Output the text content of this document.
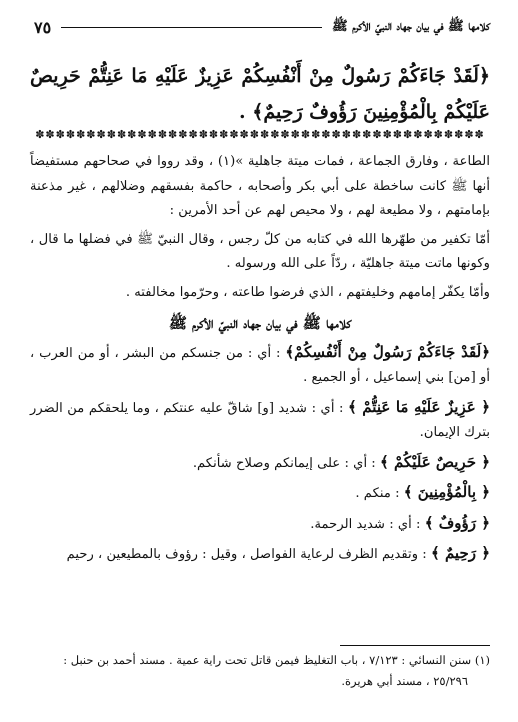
كلامها ﷺ في بيان جهاد النبيّ الأكرم ﷺ
٧٥
﴿لَقَدْ جَاءَكُمْ رَسُولٌ مِنْ أَنْفُسِكُمْ عَزِيزٌ عَلَيْهِ مَا عَنِتُّمْ حَرِيصٌ عَلَيْكُمْ بِالْمُؤْمِنِينَ رَؤُوفٌ رَحِيمٌ﴾ .
✽✽✽✽✽✽✽✽✽✽✽✽✽✽✽✽✽✽✽✽✽✽✽✽✽✽✽✽✽✽✽✽✽✽✽✽✽✽✽✽✽✽✽✽

الطاعة ، وفارق الجماعة ، فمات ميتة جاهلية »(١) ، وقد رووا في صحاحهم مستفيضاً أنها ﷺ كانت ساخطة على أبي بكر وأصحابه ، حاكمة بفسقهم وضلالهم ، غير مذعنة بإمامتهم ، ولا مطيعة لهم ، ولا محيص لهم عن أحد الأمرين :

أمّا تكفير من طهّرها الله في كتابه من كلّ رجس ، وقال النبيّ ﷺ في فضلها ما قال ، وكونها ماتت ميتة جاهليّة ، ردّاً على الله ورسوله .

وأمّا يكفّر إمامهم وخليفتهم ، الذي فرضوا طاعته ، وحرّموا مخالفته .

كلامها ﷺ في بيان جهاد النبيّ الأكرم ﷺ

﴿لَقَدْ جَاءَكُمْ رَسُولٌ مِنْ أَنْفُسِكُمْ﴾ : أي : من جنسكم من البشر ، أو من العرب ، أو [من] بني إسماعيل ، أو الجميع .

﴿ عَزِيزٌ عَلَيْهِ مَا عَنِتُّمْ ﴾ : أي : شديد [و] شاقّ عليه عنتكم ، وما يلحقكم من الضرر بترك الإيمان.

﴿ حَرِيصٌ عَلَيْكُمْ ﴾ : أي : على إيمانكم وصلاح شأنكم.

﴿ بِالْمُؤْمِنِينَ ﴾ : منكم .

﴿ رَؤُوفٌ ﴾ : أي : شديد الرحمة.

﴿ رَحِيمٌ ﴾ : وتقديم الظرف لرعاية الفواصل ، وقيل : رؤوف بالمطيعين ، رحيم

(١) سنن النسائي : ٧/١٢٣ ، باب التغليظ فيمن قاتل تحت راية عمية . مسند أحمد بن حنبل :

٢٥/٢٩٦ ، مسند أبي هريرة.
